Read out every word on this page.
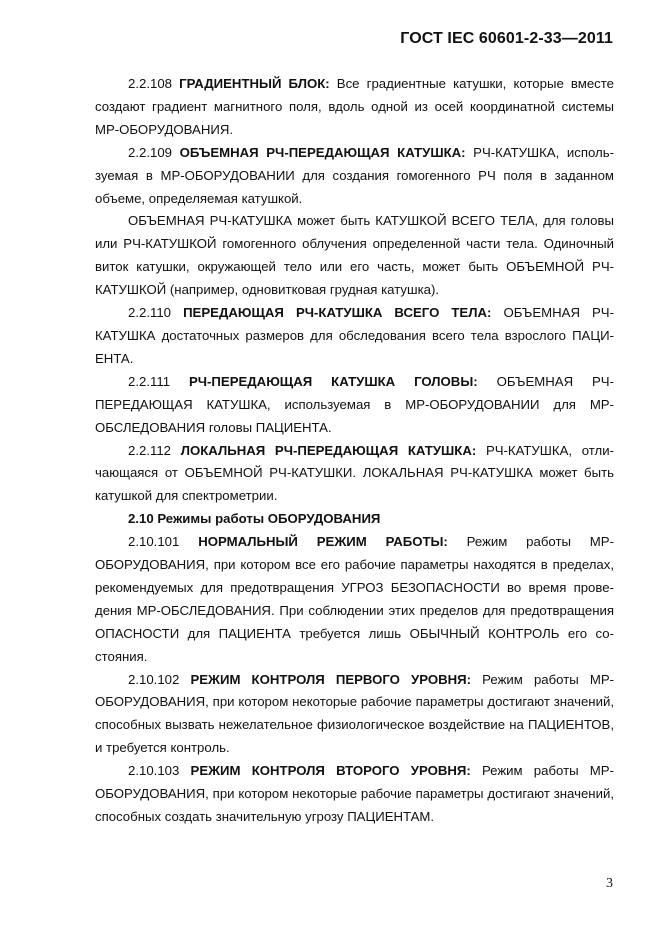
ГОСТ IEC 60601-2-33—2011

2.2.108 ГРАДИЕНТНЫЙ БЛОК: Все градиентные катушки, которые вместе создают градиент магнитного поля, вдоль одной из осей координатной системы МР-ОБОРУДОВАНИЯ.

2.2.109 ОБЪЕМНАЯ РЧ-ПЕРЕДАЮЩАЯ КАТУШКА: РЧ-КАТУШКА, используемая в МР-ОБОРУДОВАНИИ для создания гомогенного РЧ поля в заданном объеме, определяемая катушкой.

ОБЪЕМНАЯ РЧ-КАТУШКА может быть КАТУШКОЙ ВСЕГО ТЕЛА, для головы или РЧ-КАТУШКОЙ гомогенного облучения определенной части тела. Одиночный виток катушки, окружающей тело или его часть, может быть ОБЪЕМНОЙ РЧ-КАТУШКОЙ (например, одновитковая грудная катушка).

2.2.110 ПЕРЕДАЮЩАЯ РЧ-КАТУШКА ВСЕГО ТЕЛА: ОБЪЕМНАЯ РЧ-КАТУШКА достаточных размеров для обследования всего тела взрослого ПАЦИЕНТА.

2.2.111 РЧ-ПЕРЕДАЮЩАЯ КАТУШКА ГОЛОВЫ: ОБЪЕМНАЯ РЧ-ПЕРЕДАЮЩАЯ КАТУШКА, используемая в МР-ОБОРУДОВАНИИ для МР-ОБСЛЕДОВАНИЯ головы ПАЦИЕНТА.

2.2.112 ЛОКАЛЬНАЯ РЧ-ПЕРЕДАЮЩАЯ КАТУШКА: РЧ-КАТУШКА, отличающаяся от ОБЪЕМНОЙ РЧ-КАТУШКИ. ЛОКАЛЬНАЯ РЧ-КАТУШКА может быть катушкой для спектрометрии.

2.10 Режимы работы ОБОРУДОВАНИЯ

2.10.101 НОРМАЛЬНЫЙ РЕЖИМ РАБОТЫ: Режим работы МР-ОБОРУДОВАНИЯ, при котором все его рабочие параметры находятся в пределах, рекомендуемых для предотвращения УГРОЗ БЕЗОПАСНОСТИ во время проведения МР-ОБСЛЕДОВАНИЯ. При соблюдении этих пределов для предотвращения ОПАСНОСТИ для ПАЦИЕНТА требуется лишь ОБЫЧНЫЙ КОНТРОЛЬ его состояния.

2.10.102 РЕЖИМ КОНТРОЛЯ ПЕРВОГО УРОВНЯ: Режим работы МР-ОБОРУДОВАНИЯ, при котором некоторые рабочие параметры достигают значений, способных вызвать нежелательное физиологическое воздействие на ПАЦИЕНТОВ, и требуется контроль.

2.10.103 РЕЖИМ КОНТРОЛЯ ВТОРОГО УРОВНЯ: Режим работы МР-ОБОРУДОВАНИЯ, при котором некоторые рабочие параметры достигают значений, способных создать значительную угрозу ПАЦИЕНТАМ.

3
